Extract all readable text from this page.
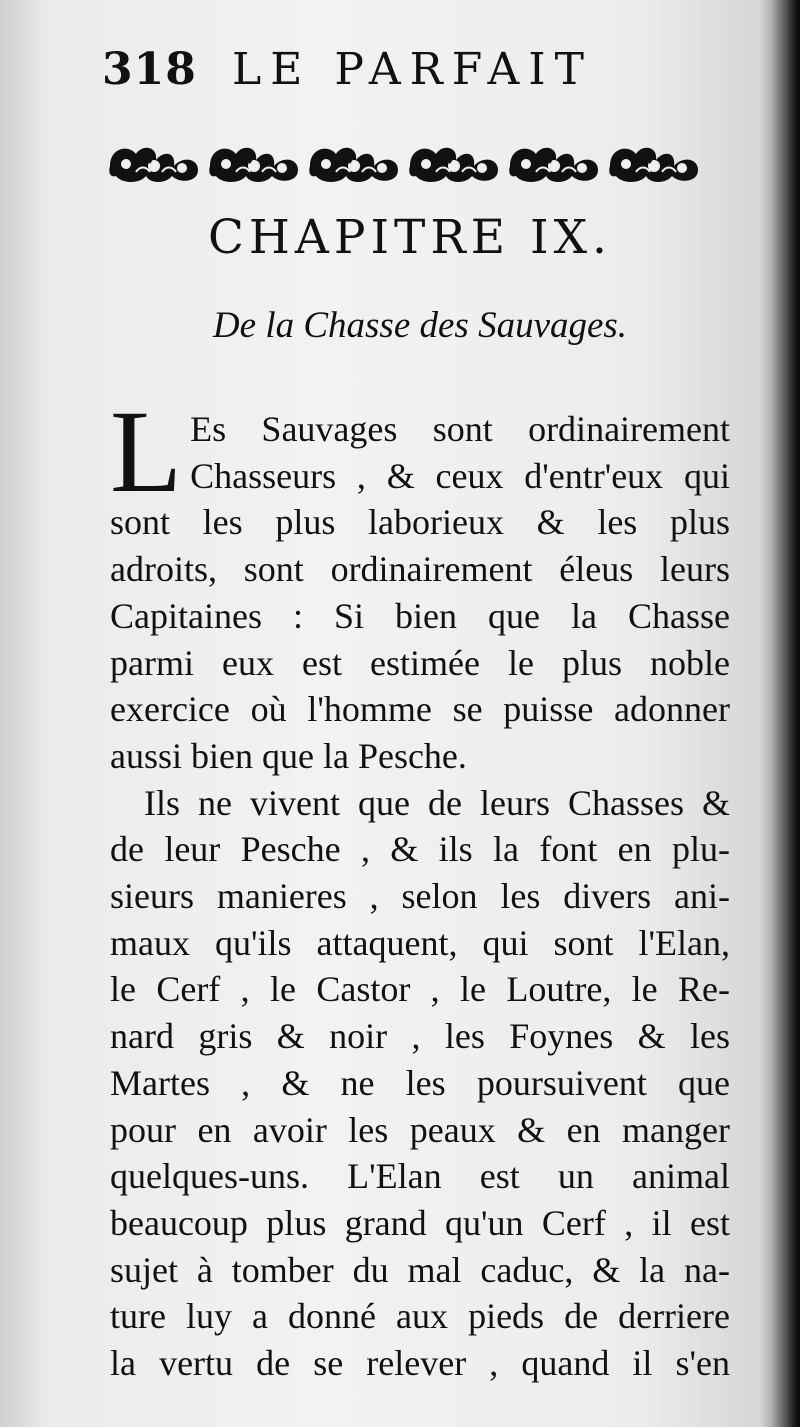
318 LE PARFAIT
CHAPITRE IX.
De la Chasse des Sauvages.

L Es Sauvages sont ordinairement
Chasseurs , & ceux d'entr'eux qui
sont les plus laborieux & les plus
adroits, sont ordinairement éleus leurs
Capitaines : Si bien que la Chasse
parmi eux est estimée le plus noble
exercice où l'homme se puisse adonner
aussi bien que la Pesche.

Ils ne vivent que de leurs Chasses &
de leur Pesche , & ils la font en plu-
sieurs manieres , selon les divers ani-
maux qu'ils attaquent, qui sont l'Elan,
le Cerf , le Castor , le Loutre, le Re-
nard gris & noir , les Foynes & les
Martes , & ne les poursuivent que
pour en avoir les peaux & en manger
quelques-uns. L'Elan est un animal
beaucoup plus grand qu'un Cerf , il est
sujet à tomber du mal caduc, & la na-
ture luy a donné aux pieds de derriere
la vertu de se relever , quand il s'en
